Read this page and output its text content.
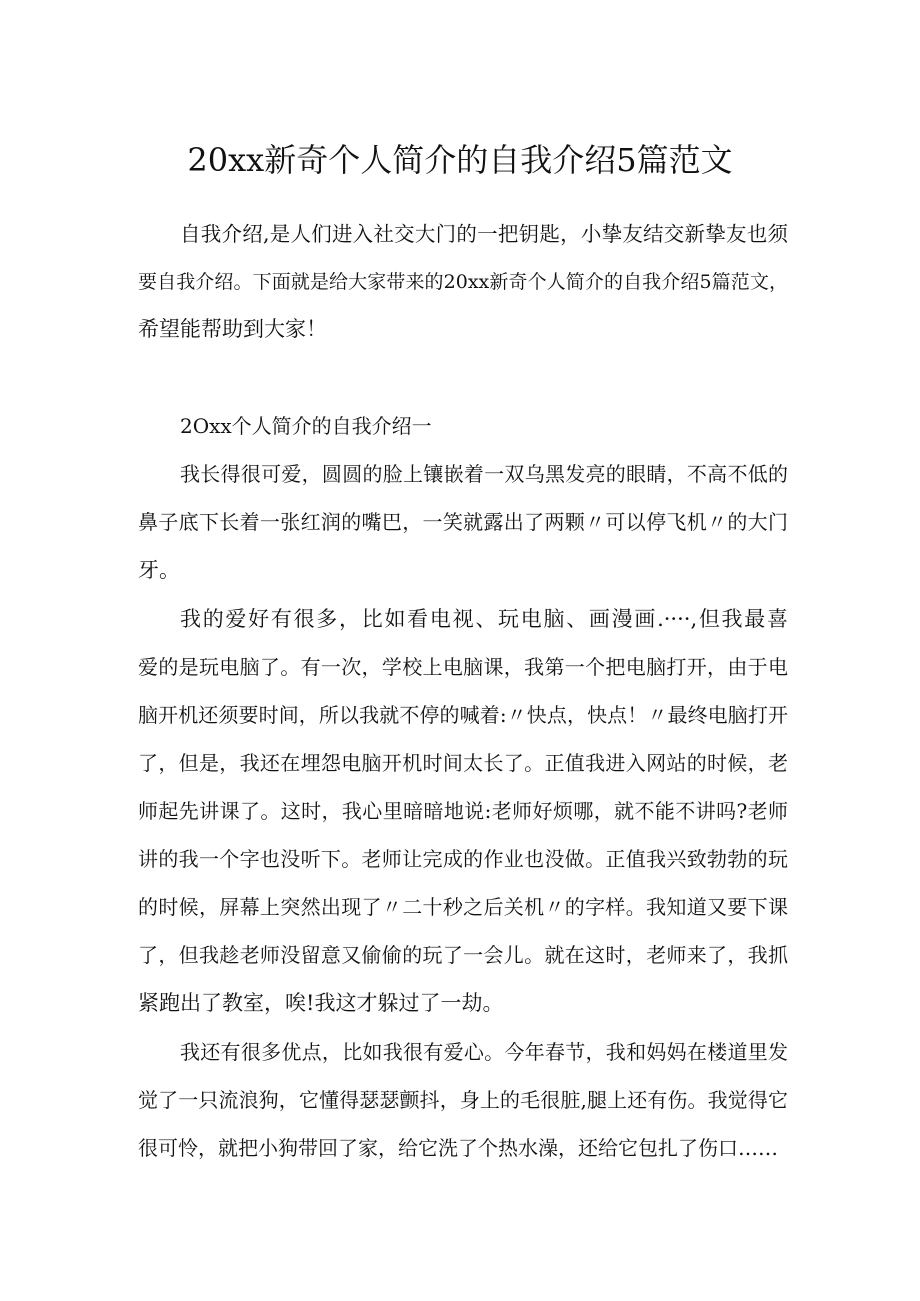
20xx新奇个人简介的自我介绍5篇范文
自我介绍,是人们进入社交大门的一把钥匙，小挚友结交新挚友也须
要自我介绍。下面就是给大家带来的20xx新奇个人简介的自我介绍5篇范文，
希望能帮助到大家！
2Oxx个人简介的自我介绍一
我长得很可爱，圆圆的脸上镶嵌着一双乌黑发亮的眼睛，不高不低的
鼻子底下长着一张红润的嘴巴，一笑就露出了两颗〃可以停飞机〃的大门
牙。
我的爱好有很多，比如看电视、玩电脑、画漫画.····,但我最喜
爱的是玩电脑了。有一次，学校上电脑课，我第一个把电脑打开，由于电
脑开机还须要时间，所以我就不停的喊着:〃快点，快点！〃最终电脑打开
了，但是，我还在埋怨电脑开机时间太长了。正值我进入网站的时候，老
师起先讲课了。这时，我心里暗暗地说:老师好烦哪，就不能不讲吗?老师
讲的我一个字也没听下。老师让完成的作业也没做。正值我兴致勃勃的玩
的时候，屏幕上突然出现了〃二十秒之后关机〃的字样。我知道又要下课
了，但我趁老师没留意又偷偷的玩了一会儿。就在这时，老师来了，我抓
紧跑出了教室，唉!我这才躲过了一劫。
我还有很多优点，比如我很有爱心。今年春节，我和妈妈在楼道里发
觉了一只流浪狗，它懂得瑟瑟颤抖，身上的毛很脏,腿上还有伤。我觉得它
很可怜，就把小狗带回了家，给它洗了个热水澡，还给它包扎了伤口……
